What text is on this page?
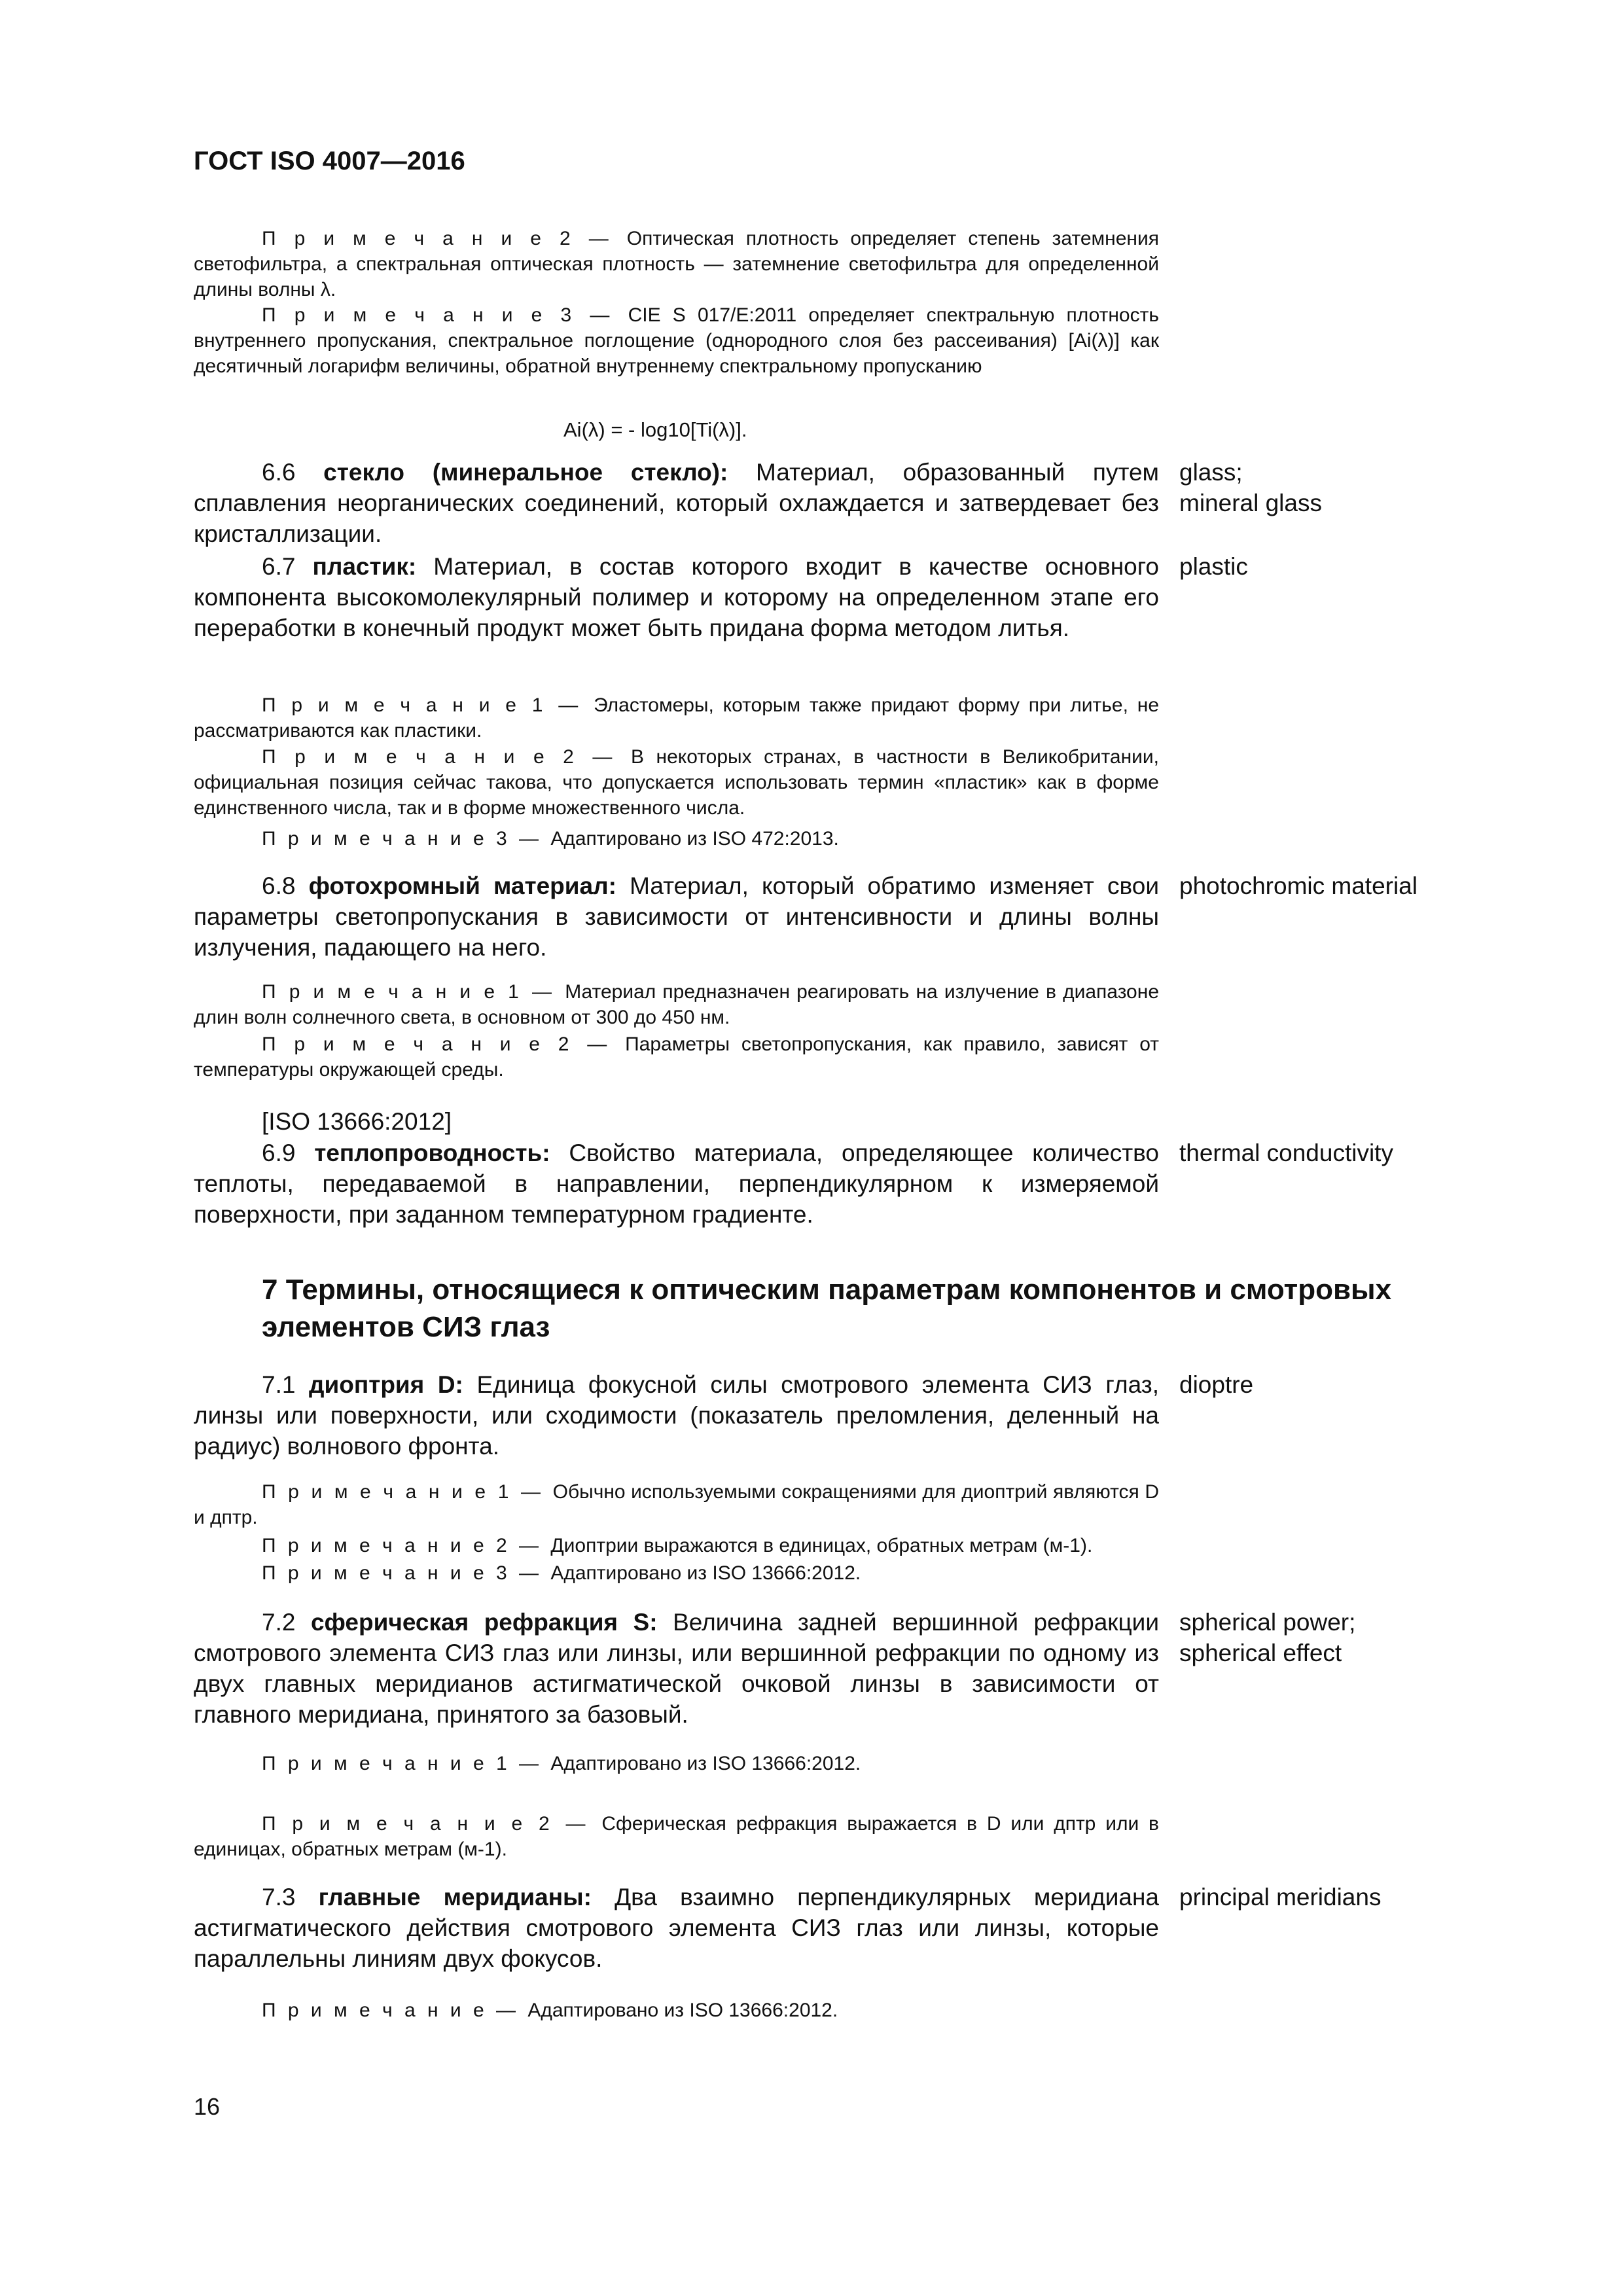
ГОСТ ISO 4007—2016

П р и м е ч а н и е 2 — Оптическая плотность определяет степень затемнения светофильтра, а спектральная оптическая плотность — затемнение светофильтра для определенной длины волны λ.

П р и м е ч а н и е 3 — CIE S 017/E:2011 определяет спектральную плотность внутреннего пропускания, спектральное поглощение (однородного слоя без рассеивания) [Ai(λ)] как десятичный логарифм величины, обратной внутреннему спектральному пропусканию

Ai(λ) = - log10[Ti(λ)].

6.6 стекло (минеральное стекло): Материал, образованный путем сплавления неорганических соединений, который охлаждается и затвердевает без кристаллизации.

glass;

mineral glass

6.7 пластик: Материал, в состав которого входит в качестве основного компонента высокомолекулярный полимер и которому на определенном этапе его переработки в конечный продукт может быть придана форма методом литья.

plastic

П р и м е ч а н и е 1 — Эластомеры, которым также придают форму при литье, не рассматриваются как пластики.

П р и м е ч а н и е 2 — В некоторых странах, в частности в Великобритании, официальная позиция сейчас такова, что допускается использовать термин «пластик» как в форме единственного числа, так и в форме множественного числа.

П р и м е ч а н и е 3 — Адаптировано из ISO 472:2013.

6.8 фотохромный материал: Материал, который обратимо изменяет свои параметры светопропускания в зависимости от интенсивности и длины волны излучения, падающего на него.

photochromic material

П р и м е ч а н и е 1 — Материал предназначен реагировать на излучение в диапазоне длин волн солнечного света, в основном от 300 до 450 нм.

П р и м е ч а н и е 2 — Параметры светопропускания, как правило, зависят от температуры окружающей среды.

[ISO 13666:2012]

6.9 теплопроводность: Свойство материала, определяющее количество теплоты, передаваемой в направлении, перпендикулярном к измеряемой поверхности, при заданном температурном градиенте.

thermal conductivity

7 Термины, относящиеся к оптическим параметрам компонентов и смотровых элементов СИЗ глаз

7.1 диоптрия D: Единица фокусной силы смотрового элемента СИЗ глаз, линзы или поверхности, или сходимости (показатель преломления, деленный на радиус) волнового фронта.

dioptre

П р и м е ч а н и е 1 — Обычно используемыми сокращениями для диоптрий являются D и дптр.

П р и м е ч а н и е 2 — Диоптрии выражаются в единицах, обратных метрам (м-1).

П р и м е ч а н и е 3 — Адаптировано из ISO 13666:2012.

7.2 сферическая рефракция S: Величина задней вершинной рефракции смотрового элемента СИЗ глаз или линзы, или вершинной рефракции по одному из двух главных меридианов астигматической очковой линзы в зависимости от главного меридиана, принятого за базовый.

spherical power;

spherical effect

П р и м е ч а н и е 1 — Адаптировано из ISO 13666:2012.

П р и м е ч а н и е 2 — Сферическая рефракция выражается в D или дптр или в единицах, обратных метрам (м-1).

7.3 главные меридианы: Два взаимно перпендикулярных меридиана астигматического действия смотрового элемента СИЗ глаз или линзы, которые параллельны линиям двух фокусов.

principal meridians

П р и м е ч а н и е — Адаптировано из ISO 13666:2012.

16
